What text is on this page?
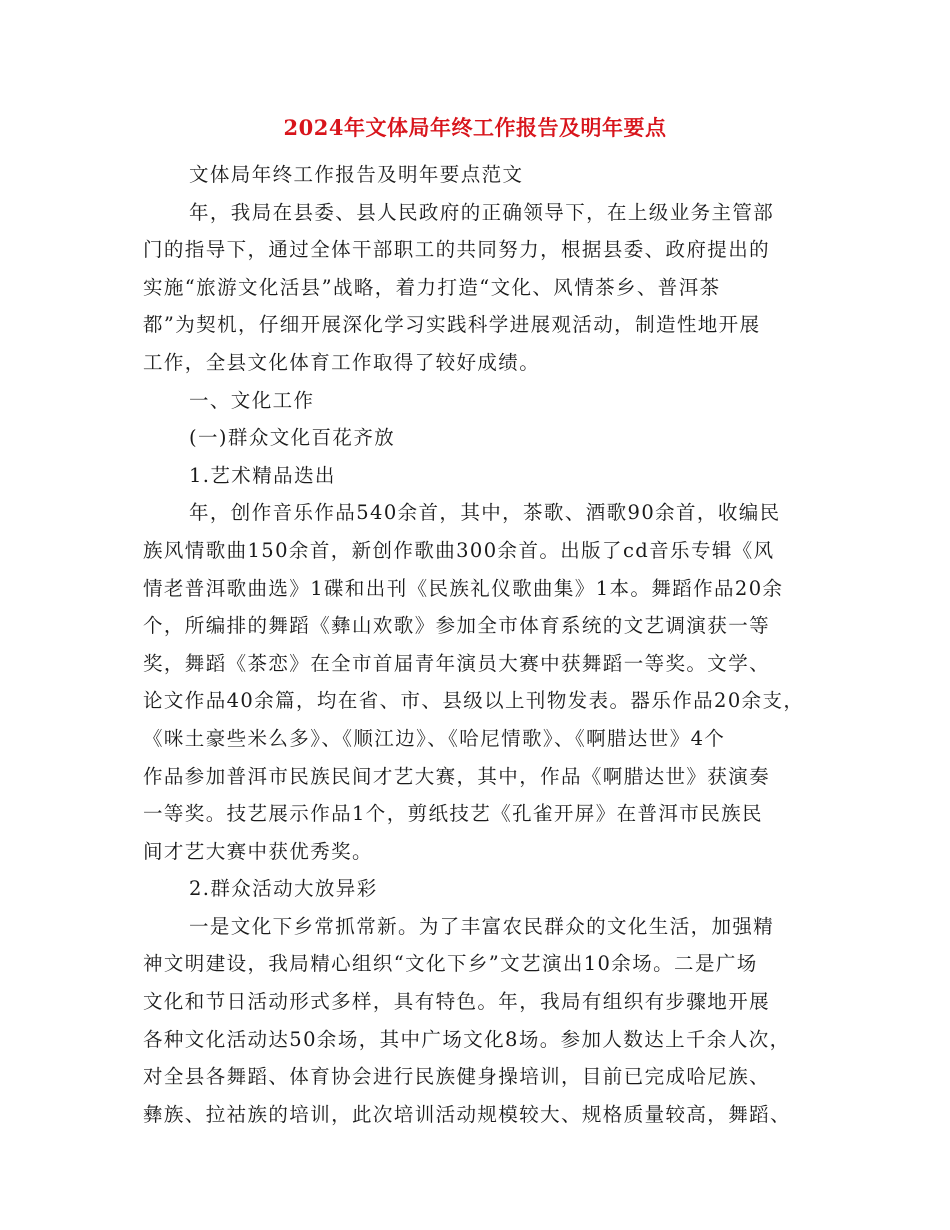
2024年文体局年终工作报告及明年要点
文体局年终工作报告及明年要点范文
年，我局在县委、县人民政府的正确领导下，在上级业务主管部
门的指导下，通过全体干部职工的共同努力，根据县委、政府提出的
实施“旅游文化活县”战略，着力打造“文化、风情茶乡、普洱茶
都”为契机，仔细开展深化学习实践科学进展观活动，制造性地开展
工作，全县文化体育工作取得了较好成绩。
一、文化工作
(一)群众文化百花齐放
1.艺术精品迭出
年，创作音乐作品540余首，其中，茶歌、酒歌90余首，收编民
族风情歌曲150余首，新创作歌曲300余首。出版了cd音乐专辑《风
情老普洱歌曲选》1碟和出刊《民族礼仪歌曲集》1本。舞蹈作品20余
个，所编排的舞蹈《彝山欢歌》参加全市体育系统的文艺调演获一等
奖，舞蹈《茶恋》在全市首届青年演员大赛中获舞蹈一等奖。文学、
论文作品40余篇，均在省、市、县级以上刊物发表。器乐作品20余支，
《咪土豪些米么多》、《顺江边》、《哈尼情歌》、《啊腊达世》4个
作品参加普洱市民族民间才艺大赛，其中，作品《啊腊达世》获演奏
一等奖。技艺展示作品1个，剪纸技艺《孔雀开屏》在普洱市民族民
间才艺大赛中获优秀奖。
2.群众活动大放异彩
一是文化下乡常抓常新。为了丰富农民群众的文化生活，加强精
神文明建设，我局精心组织“文化下乡”文艺演出10余场。二是广场
文化和节日活动形式多样，具有特色。年，我局有组织有步骤地开展
各种文化活动达50余场，其中广场文化8场。参加人数达上千余人次，
对全县各舞蹈、体育协会进行民族健身操培训，目前已完成哈尼族、
彝族、拉祜族的培训，此次培训活动规模较大、规格质量较高，舞蹈、
